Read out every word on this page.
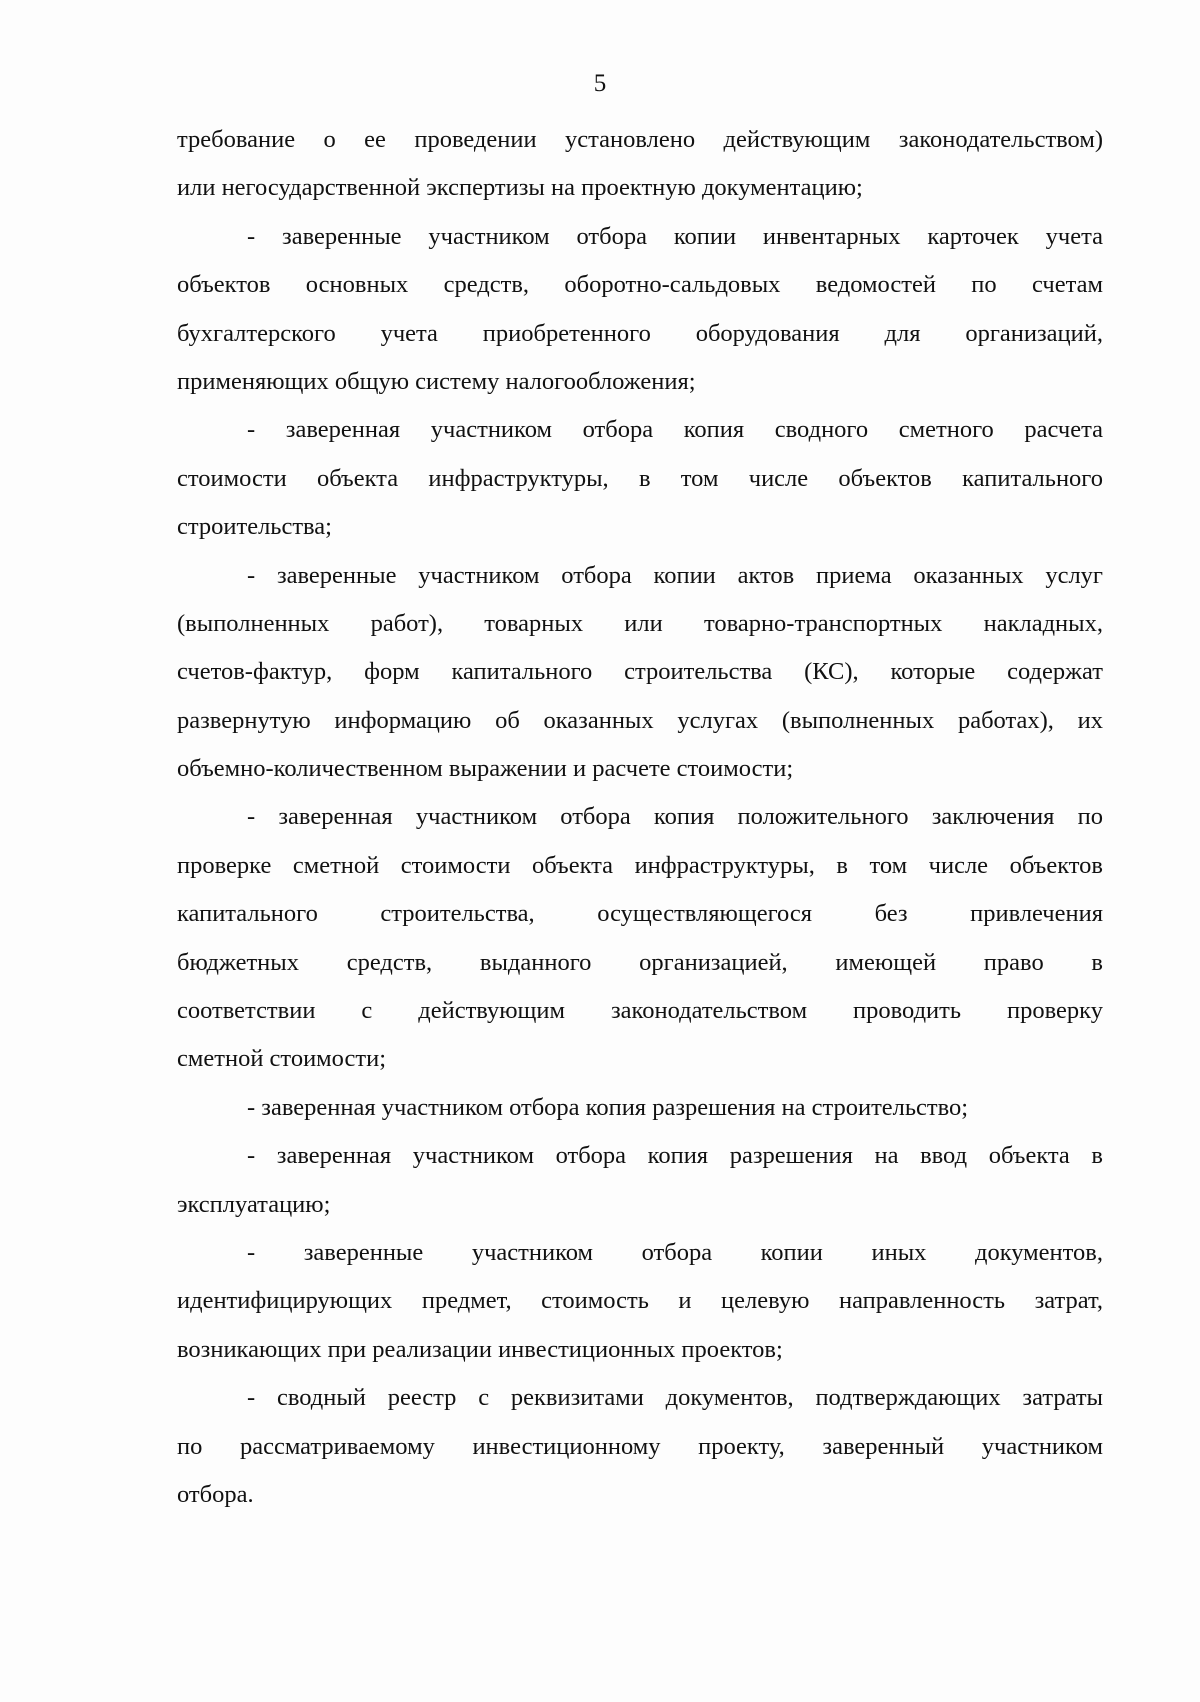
5
требование о ее проведении установлено действующим законодательством)
или негосударственной экспертизы на проектную документацию;
- заверенные участником отбора копии инвентарных карточек учета
объектов основных средств, оборотно-сальдовых ведомостей по счетам
бухгалтерского учета приобретенного оборудования для организаций,
применяющих общую систему налогообложения;
- заверенная участником отбора копия сводного сметного расчета
стоимости объекта инфраструктуры, в том числе объектов капитального
строительства;
- заверенные участником отбора копии актов приема оказанных услуг
(выполненных работ), товарных или товарно-транспортных накладных,
счетов-фактур, форм капитального строительства (КС), которые содержат
развернутую информацию об оказанных услугах (выполненных работах), их
объемно-количественном выражении и расчете стоимости;
- заверенная участником отбора копия положительного заключения по
проверке сметной стоимости объекта инфраструктуры, в том числе объектов
капитального строительства, осуществляющегося без привлечения
бюджетных средств, выданного организацией, имеющей право в
соответствии с действующим законодательством проводить проверку
сметной стоимости;
- заверенная участником отбора копия разрешения на строительство;
- заверенная участником отбора копия разрешения на ввод объекта в
эксплуатацию;
- заверенные участником отбора копии иных документов,
идентифицирующих предмет, стоимость и целевую направленность затрат,
возникающих при реализации инвестиционных проектов;
- сводный реестр с реквизитами документов, подтверждающих затраты
по рассматриваемому инвестиционному проекту, заверенный участником
отбора.
